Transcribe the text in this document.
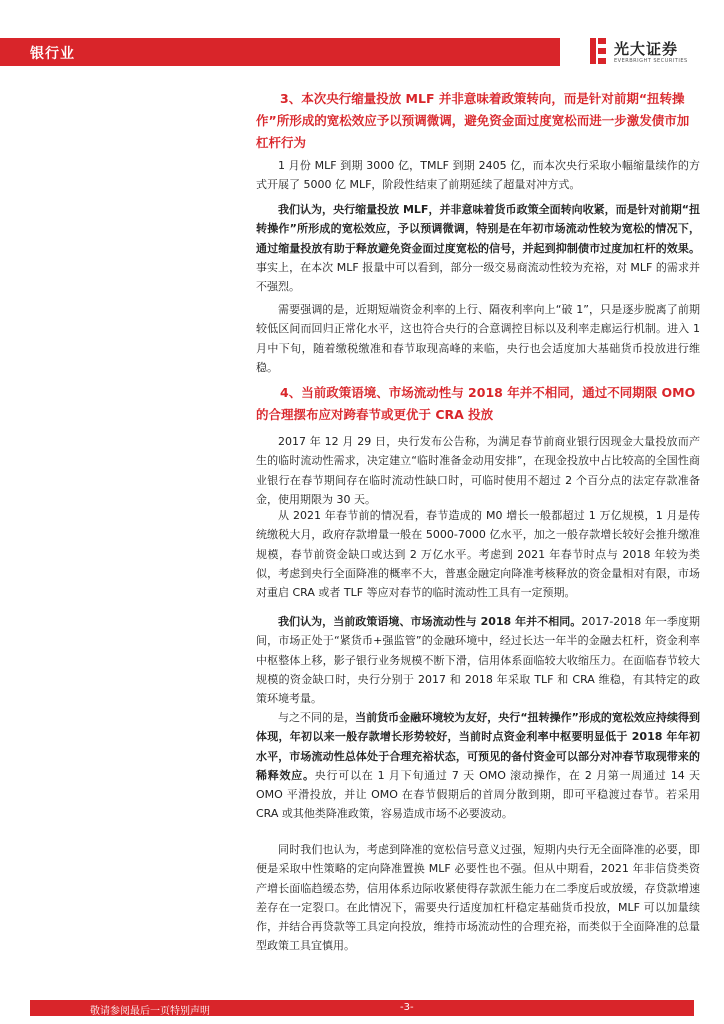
银行业	光大证券
EVERBRIGHT SECURITIES
3、本次央行缩量投放 MLF 并非意味着政策转向，而是针对前期“扭转操作”所形成的宽松效应予以预调微调，避免资金面过度宽松而进一步激发债市加杠杆行为
1 月份 MLF 到期 3000 亿，TMLF 到期 2405 亿，而本次央行采取小幅缩量续作的方式开展了 5000 亿 MLF，阶段性结束了前期延续了超量对冲方式。
我们认为，央行缩量投放 MLF，并非意味着货币政策全面转向收紧，而是针对前期“扭转操作”所形成的宽松效应，予以预调微调，特别是在年初市场流动性较为宽松的情况下，通过缩量投放有助于释放避免资金面过度宽松的信号，并起到抑制债市过度加杠杆的效果。事实上，在本次 MLF 报量中可以看到，部分一级交易商流动性较为充裕，对 MLF 的需求并不强烈。
需要强调的是，近期短端资金利率的上行、隔夜利率向上“破 1”，只是逐步脱离了前期较低区间而回归正常化水平，这也符合央行的合意调控目标以及利率走廊运行机制。进入 1 月中下旬，随着缴税缴准和春节取现高峰的来临，央行也会适度加大基础货币投放进行维稳。
4、当前政策语境、市场流动性与 2018 年并不相同，通过不同期限 OMO 的合理摆布应对跨春节或更优于 CRA 投放
2017 年 12 月 29 日，央行发布公告称，为满足春节前商业银行因现金大量投放而产生的临时流动性需求，决定建立“临时准备金动用安排”，在现金投放中占比较高的全国性商业银行在春节期间存在临时流动性缺口时，可临时使用不超过 2 个百分点的法定存款准备金，使用期限为 30 天。
从 2021 年春节前的情况看，春节造成的 M0 增长一般都超过 1 万亿规模，1 月是传统缴税大月，政府存款增量一般在 5000-7000 亿水平，加之一般存款增长较好会推升缴准规模，春节前资金缺口或达到 2 万亿水平。考虑到 2021 年春节时点与 2018 年较为类似，考虑到央行全面降准的概率不大，普惠金融定向降准考核释放的资金量相对有限，市场对重启 CRA 或者 TLF 等应对春节的临时流动性工具有一定预期。
我们认为，当前政策语境、市场流动性与 2018 年并不相同。2017-2018 年一季度期间，市场正处于“紧货币+强监管”的金融环境中，经过长达一年半的金融去杠杆，资金利率中枢整体上移，影子银行业务规模不断下滑，信用体系面临较大收缩压力。在面临春节较大规模的资金缺口时，央行分别于 2017 和 2018 年采取 TLF 和 CRA 维稳，有其特定的政策环境考量。
与之不同的是，当前货币金融环境较为友好，央行“扭转操作”形成的宽松效应持续得到体现，年初以来一般存款增长形势较好，当前时点资金利率中枢要明显低于 2018 年年初水平，市场流动性总体处于合理充裕状态，可预见的备付资金可以部分对冲春节取现带来的稀释效应。央行可以在 1 月下旬通过 7 天 OMO 滚动操作，在 2 月第一周通过 14 天 OMO 平滑投放，并让 OMO 在春节假期后的首周分散到期，即可平稳渡过春节。若采用 CRA 或其他类降准政策，容易造成市场不必要波动。
同时我们也认为，考虑到降准的宽松信号意义过强，短期内央行无全面降准的必要，即便是采取中性策略的定向降准置换 MLF 必要性也不强。但从中期看，2021 年非信贷类资产增长面临趋缓态势，信用体系边际收紧使得存款派生能力在二季度后或放缓，存贷款增速差存在一定裂口。在此情况下，需要央行适度加杠杆稳定基础货币投放，MLF 可以加量续作，并结合再贷款等工具定向投放，维持市场流动性的合理充裕，而类似于全面降准的总量型政策工具宜慎用。
敬请参阅最后一页特别声明	-3-
